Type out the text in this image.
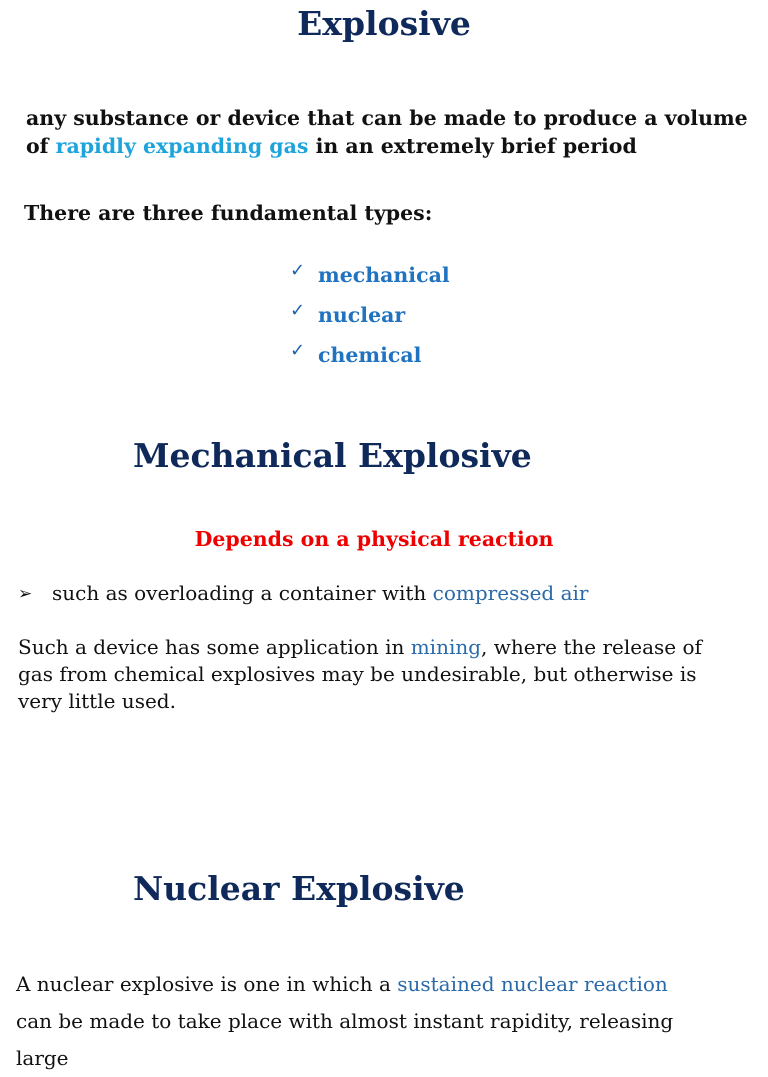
Explosive
any substance or device that can be made to produce a volume of rapidly expanding gas in an extremely brief period
There are three fundamental types:
✓ mechanical
✓ nuclear
✓ chemical
Mechanical Explosive
Depends on a physical reaction
➢ such as overloading a container with compressed air
Such a device has some application in mining, where the release of gas from chemical explosives may be undesirable, but otherwise is very little used.
Nuclear Explosive
A nuclear explosive is one in which a sustained nuclear reaction can be made to take place with almost instant rapidity, releasing large
